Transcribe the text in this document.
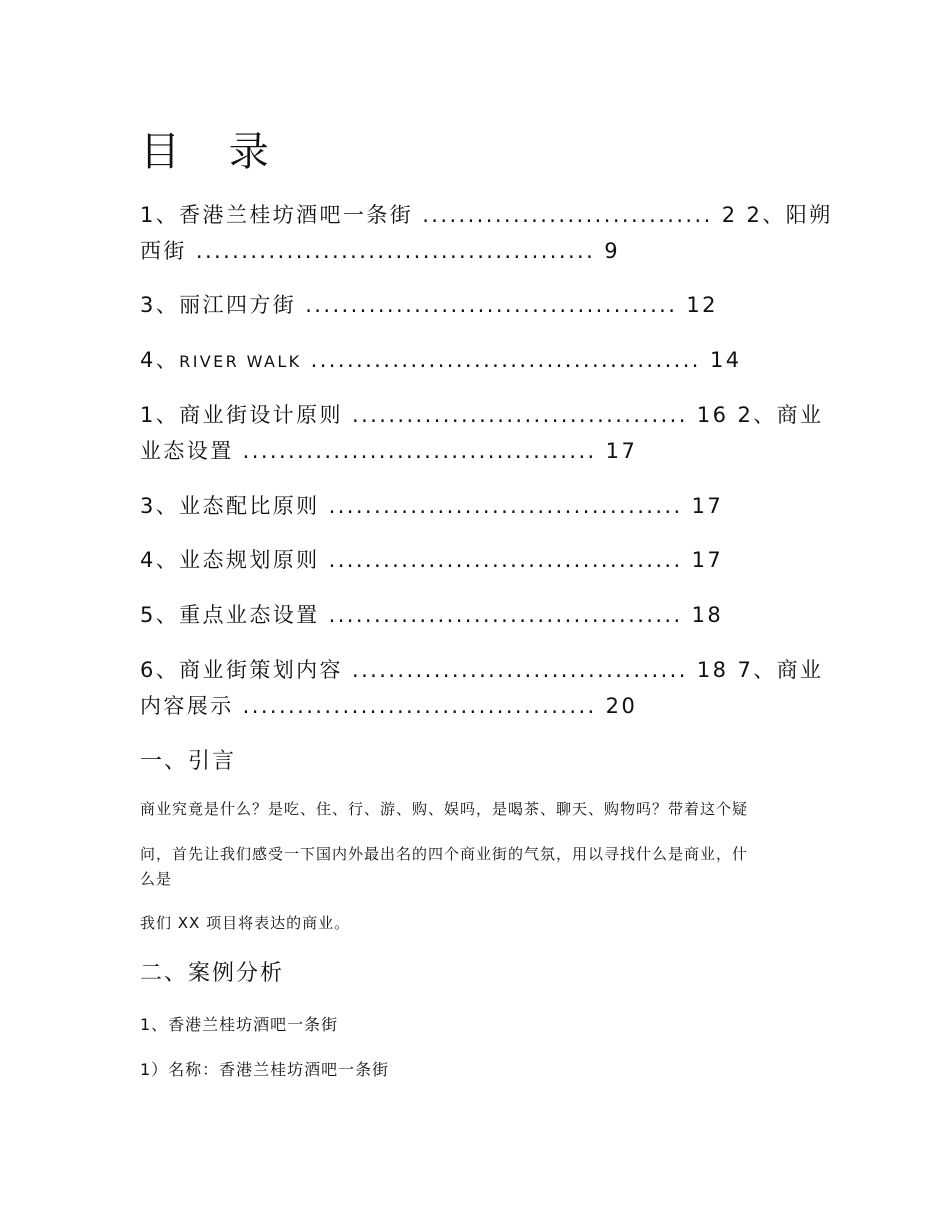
目 录
1、香港兰桂坊酒吧一条街 ................................ 2 2、阳朔
西街 ............................................ 9
3、丽江四方街 ......................................... 12
4、RIVER WALK ........................................... 14
1、商业街设计原则 ..................................... 16 2、商业
业态设置 ....................................... 17
3、业态配比原则 ....................................... 17
4、业态规划原则 ....................................... 17
5、重点业态设置 ....................................... 18
6、商业街策划内容 ..................................... 18 7、商业
内容展示 ....................................... 20
一、引言

商业究竟是什么？是吃、住、行、游、购、娱吗，是喝茶、聊天、购物吗？带着这个疑

问，首先让我们感受一下国内外最出名的四个商业街的气氛，用以寻找什么是商业，什

么是

我们 XX 项目将表达的商业。

二、案例分析

1、香港兰桂坊酒吧一条街

1）名称：香港兰桂坊酒吧一条街
